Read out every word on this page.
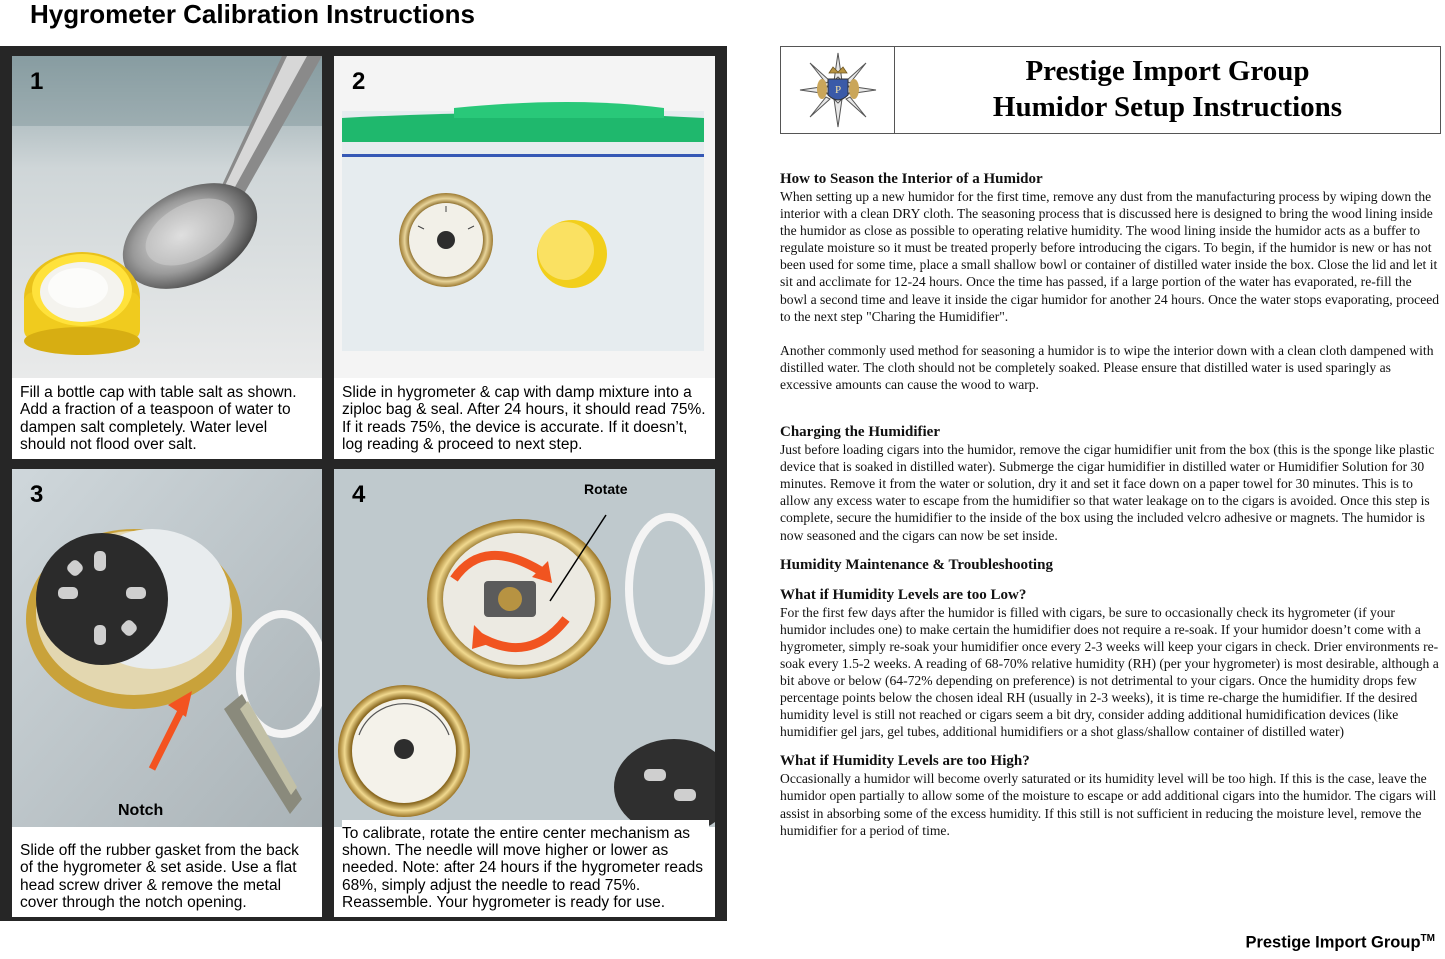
Hygrometer Calibration Instructions
1
Fill a bottle cap with table salt as shown. Add a fraction of a teaspoon of water to dampen salt completely. Water level should not flood over salt.
2
Slide in hygrometer & cap with damp mixture into a ziploc bag & seal. After 24 hours, it should read 75%. If it reads 75%, the device is accurate. If it doesn’t, log reading & proceed to next step.
Notch
3
Slide off the rubber gasket from the back of the hygrometer & set aside. Use a flat head screw driver & remove the metal cover through the notch opening.
Rotate
4
To calibrate, rotate the entire center mechanism as shown. The needle will move higher or lower as needed. Note: after 24 hours if the hygrometer reads 68%, simply adjust the needle to read 75%. Reassemble. Your hygrometer is ready for use.
Prestige Import Group™
P
Prestige Import Group
Humidor Setup Instructions
How to Season the Interior of a Humidor

When setting up a new humidor for the first time, remove any dust from the manufacturing process by wiping down the interior with a clean DRY cloth. The seasoning process that is discussed here is designed to bring the wood lining inside the humidor as close as possible to operating relative humidity. The wood lining inside the humidor acts as a buffer to regulate moisture so it must be treated properly before introducing the cigars. To begin, if the humidor is new or has not been used for some time, place a small shallow bowl or container of distilled water inside the box. Close the lid and let it sit and acclimate for 12-24 hours. Once the time has passed, if a large portion of the water has evaporated, re-fill the bowl a second time and leave it inside the cigar humidor for another 24 hours. Once the water stops evaporating, proceed to the next step "Charing the Humidifier".

Another commonly used method for seasoning a humidor is to wipe the interior down with a clean cloth dampened with distilled water. The cloth should not be completely soaked. Please ensure that distilled water is used sparingly as excessive amounts can cause the wood to warp.

Charging the Humidifier

Just before loading cigars into the humidor, remove the cigar humidifier unit from the box (this is the sponge like plastic device that is soaked in distilled water). Submerge the cigar humidifier in distilled water or Humidifier Solution for 30 minutes. Remove it from the water or solution, dry it and set it face down on a paper towel for 30 minutes. This is to allow any excess water to escape from the humidifier so that water leakage on to the cigars is avoided. Once this step is complete, secure the humidifier to the inside of the box using the included velcro adhesive or magnets. The humidor is now seasoned and the cigars can now be set inside.

Humidity Maintenance & Troubleshooting
What if Humidity Levels are too Low?

For the first few days after the humidor is filled with cigars, be sure to occasionally check its hygrometer (if your humidor includes one) to make certain the humidifier does not require a re-soak. If your humidor doesn’t come with a hygrometer, simply re-soak your humidifier once every 2-3 weeks will keep your cigars in check. Drier environments re-soak every 1.5-2 weeks. A reading of 68-70% relative humidity (RH) (per your hygrometer) is most desirable, although a bit above or below (64-72% depending on preference) is not detrimental to your cigars. Once the humidity drops few percentage points below the chosen ideal RH (usually in 2-3 weeks), it is time re-charge the humidifier. If the desired humidity level is still not reached or cigars seem a bit dry, consider adding additional humidification devices (like humidifier gel jars, gel tubes, additional humidifiers or a shot glass/shallow container of distilled water)

What if Humidity Levels are too High?

Occasionally a humidor will become overly saturated or its humidity level will be too high. If this is the case, leave the humidor open partially to allow some of the moisture to escape or add additional cigars into the humidor. The cigars will assist in absorbing some of the excess humidity. If this still is not sufficient in reducing the moisture level, remove the humidifier for a period of time.
